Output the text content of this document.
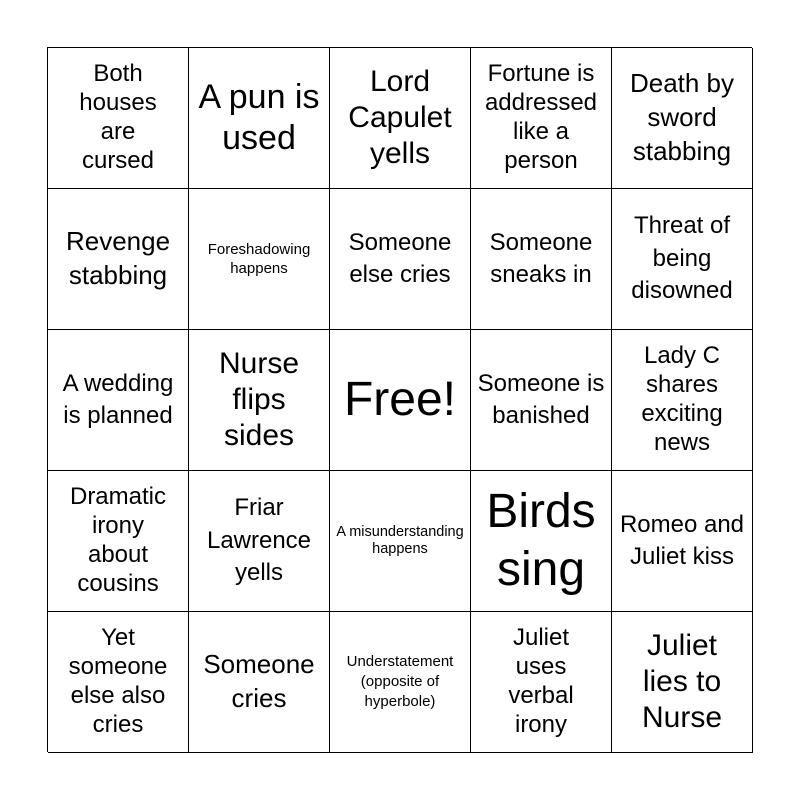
Both houses are cursed
A pun is used
Lord Capulet yells
Fortune is addressed like a person
Death by sword stabbing
Revenge stabbing
Foreshadowing happens
Someone else cries
Someone sneaks in
Threat of being disowned
A wedding is planned
Nurse flips sides
Free! Someone is banished
Lady C shares exciting news
Dramatic irony about cousins
Friar Lawrence yells
A misunderstanding happens
Birds sing
Romeo and Juliet kiss
Yet someone else also cries
Someone cries
Understatement (opposite of hyperbole)
Juliet uses verbal irony
Juliet lies to Nurse
